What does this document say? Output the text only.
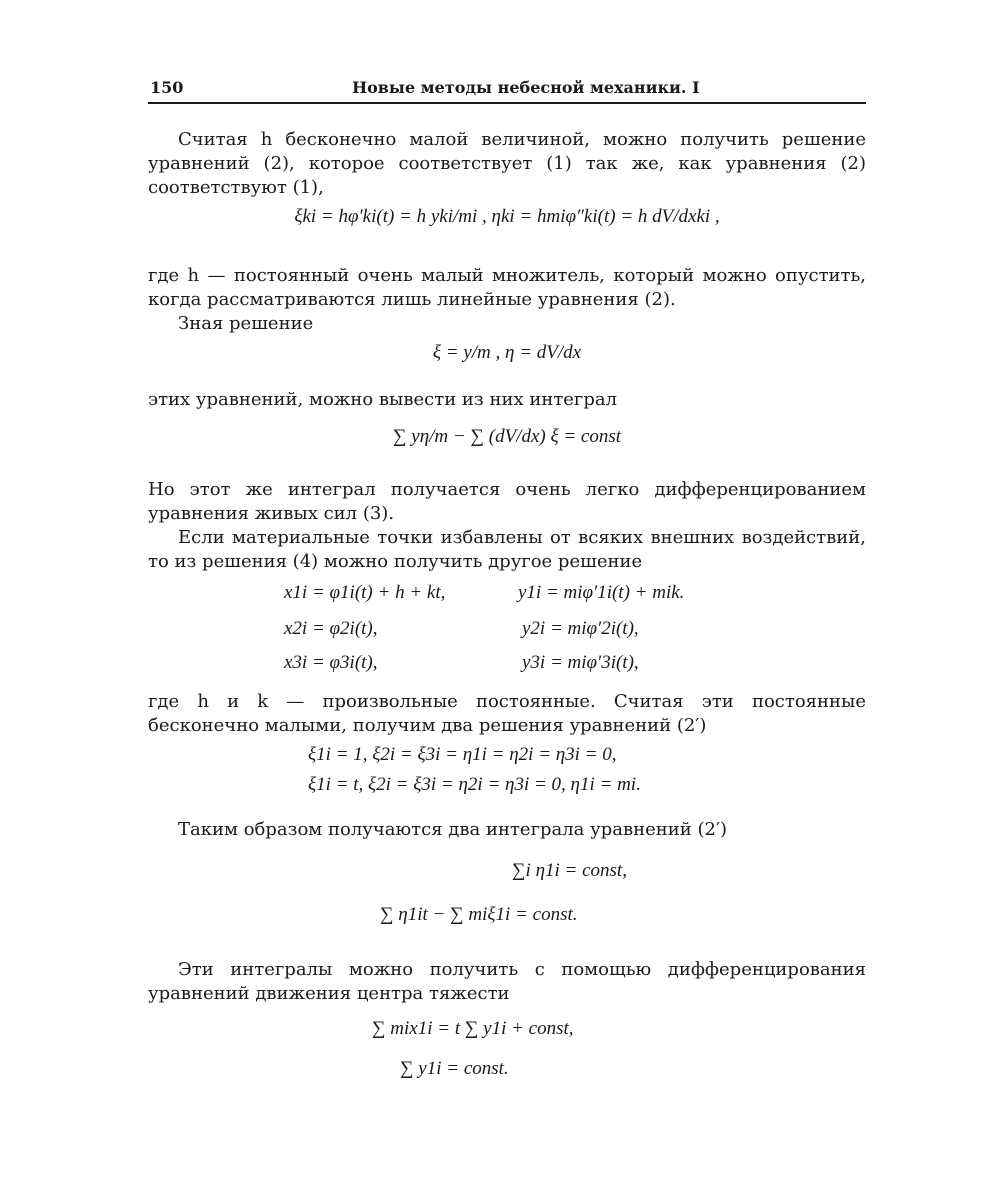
150	Новые методы небесной механики. I

Считая h бесконечно малой величиной, можно получить решение уравнений (2), которое соответствует (1) так же, как уравнения (2) соответствуют (1),

ξki = hφ′ki(t) = h yki/mi , ηki = hmiφ″ki(t) = h dV/dxki ,

где h — постоянный очень малый множитель, который можно опустить, когда рассматриваются лишь линейные уравнения (2).

Зная решение

ξ = y/m , η = dV/dx

этих уравнений, можно вывести из них интеграл

∑ yη/m − ∑ (dV/dx) ξ = const

Но этот же интеграл получается очень легко дифференцированием уравнения живых сил (3).

Если материальные точки избавлены от всяких внешних воздействий, то из решения (4) можно получить другое решение

x1i = φ1i(t) + h + kt,	y1i = miφ′1i(t) + mik.
x2i = φ2i(t),	y2i = miφ′2i(t),
x3i = φ3i(t),	y3i = miφ′3i(t),

где h и k — произвольные постоянные. Считая эти постоянные бесконечно малыми, получим два решения уравнений (2′)

ξ1i = 1, ξ2i = ξ3i = η1i = η2i = η3i = 0,
ξ1i = t, ξ2i = ξ3i = η2i = η3i = 0, η1i = mi.

Таким образом получаются два интеграла уравнений (2′)

∑i η1i = const,
∑ η1it − ∑ miξ1i = const.

Эти интегралы можно получить с помощью дифференцирования уравнений движения центра тяжести

∑ mix1i = t ∑ y1i + const,
∑ y1i = const.
